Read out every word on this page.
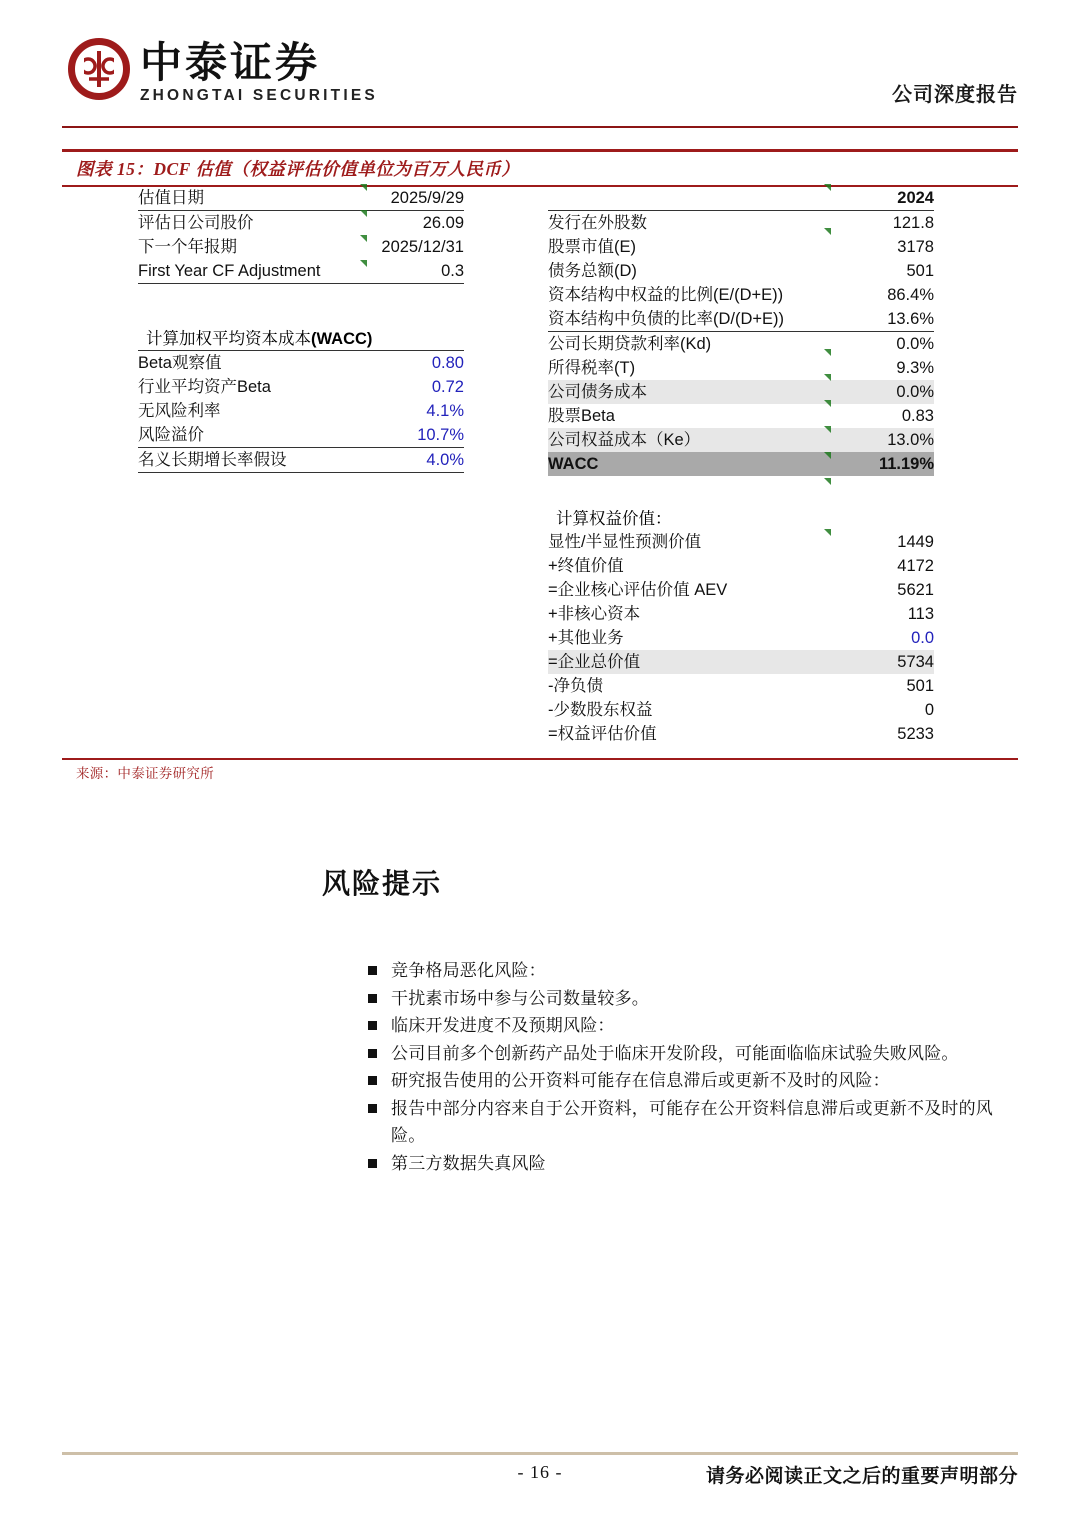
中泰证券
ZHONGTAI SECURITIES	公司深度报告
图表 15：DCF 估值（权益评估价值单位为百万人民币）
估值日期	2025/9/29
评估日公司股价	26.09
下一个年报期	2025/12/31
First Year CF Adjustment	0.3
计算加权平均资本成本(WACC)
Beta观察值	0.80
行业平均资产Beta	0.72
无风险利率	4.1%
风险溢价	10.7%
名义长期增长率假设	4.0%
	2024
发行在外股数	121.8
股票市值(E)	3178
债务总额(D)	501
资本结构中权益的比例(E/(D+E))	86.4%
资本结构中负债的比率(D/(D+E))	13.6%
公司长期贷款利率(Kd)	0.0%
所得税率(T)	9.3%
公司债务成本	0.0%
股票Beta	0.83
公司权益成本（Ke）	13.0%
WACC	11.19%
计算权益价值：
显性/半显性预测价值	1449
+终值价值	4172
=企业核心评估价值 AEV	5621
+非核心资本	113
+其他业务	0.0
=企业总价值	5734
-净负债	501
-少数股东权益	0
=权益评估价值	5233
来源：中泰证券研究所
风险提示
竞争格局恶化风险：
干扰素市场中参与公司数量较多。
临床开发进度不及预期风险：
公司目前多个创新药产品处于临床开发阶段，可能面临临床试验失败风险。
研究报告使用的公开资料可能存在信息滞后或更新不及时的风险：
报告中部分内容来自于公开资料，可能存在公开资料信息滞后或更新不及时的风险。
第三方数据失真风险
- 16 -	请务必阅读正文之后的重要声明部分
